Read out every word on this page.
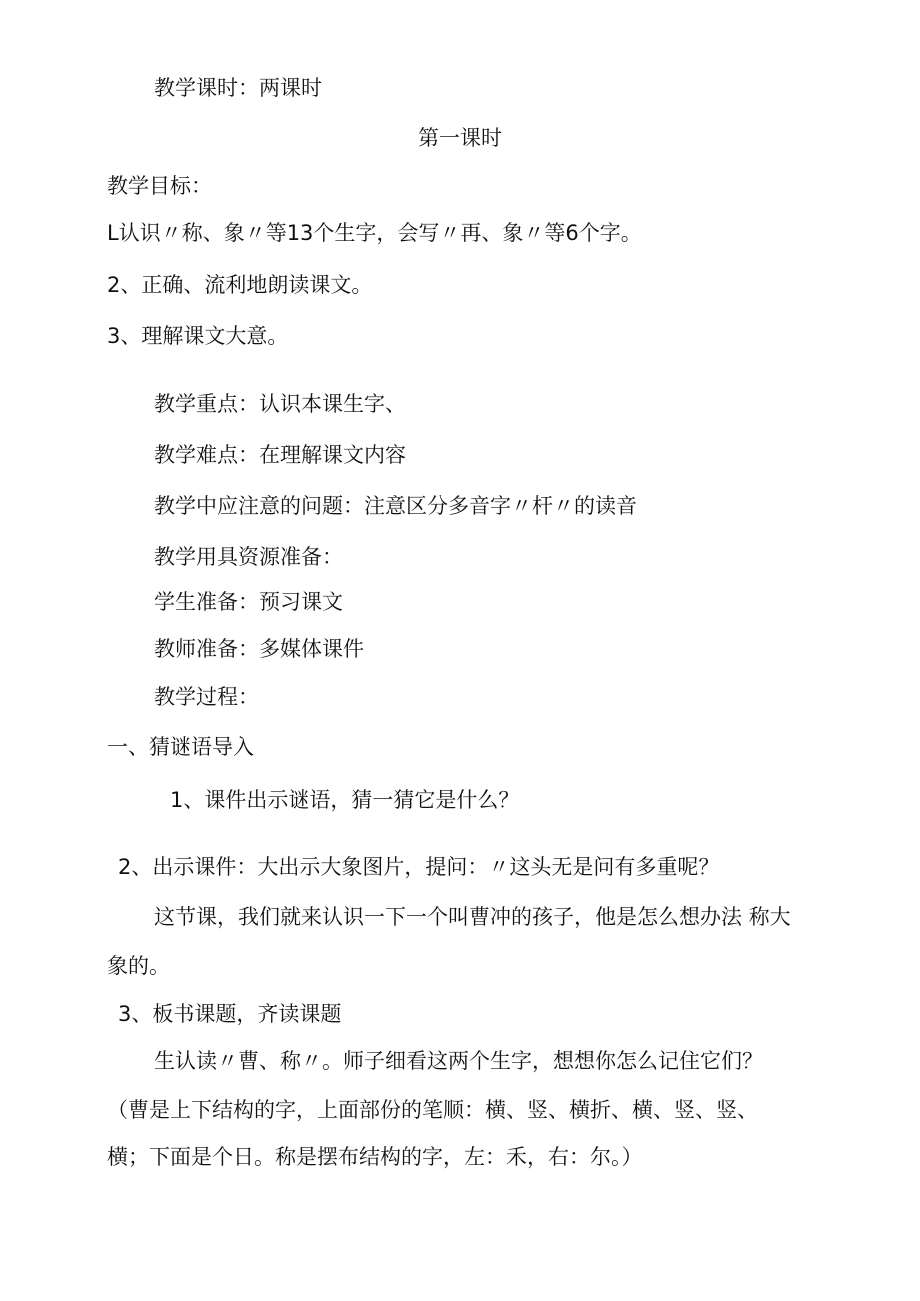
教学课时：两课时
第一课时
教学目标：
L认识〃称、象〃等13个生字，会写〃再、象〃等6个字。
2、正确、流利地朗读课文。
3、理解课文大意。
教学重点：认识本课生字、
教学难点：在理解课文内容
教学中应注意的问题：注意区分多音字〃杆〃的读音
教学用具资源准备：
学生准备：预习课文
教师准备：多媒体课件
教学过程：
一、猜谜语导入
1、课件出示谜语，猜一猜它是什么？
2、出示课件：大出示大象图片，提问：〃这头无是问有多重呢？
这节课，我们就来认识一下一个叫曹冲的孩子，他是怎么想办法 称大
象的。
3、板书课题，齐读课题
生认读〃曹、称〃。师子细看这两个生字，想想你怎么记住它们？
（曹是上下结构的字，上面部份的笔顺：横、竖、横折、横、竖、竖、
横；下面是个日。称是摆布结构的字，左：禾，右：尔。）
